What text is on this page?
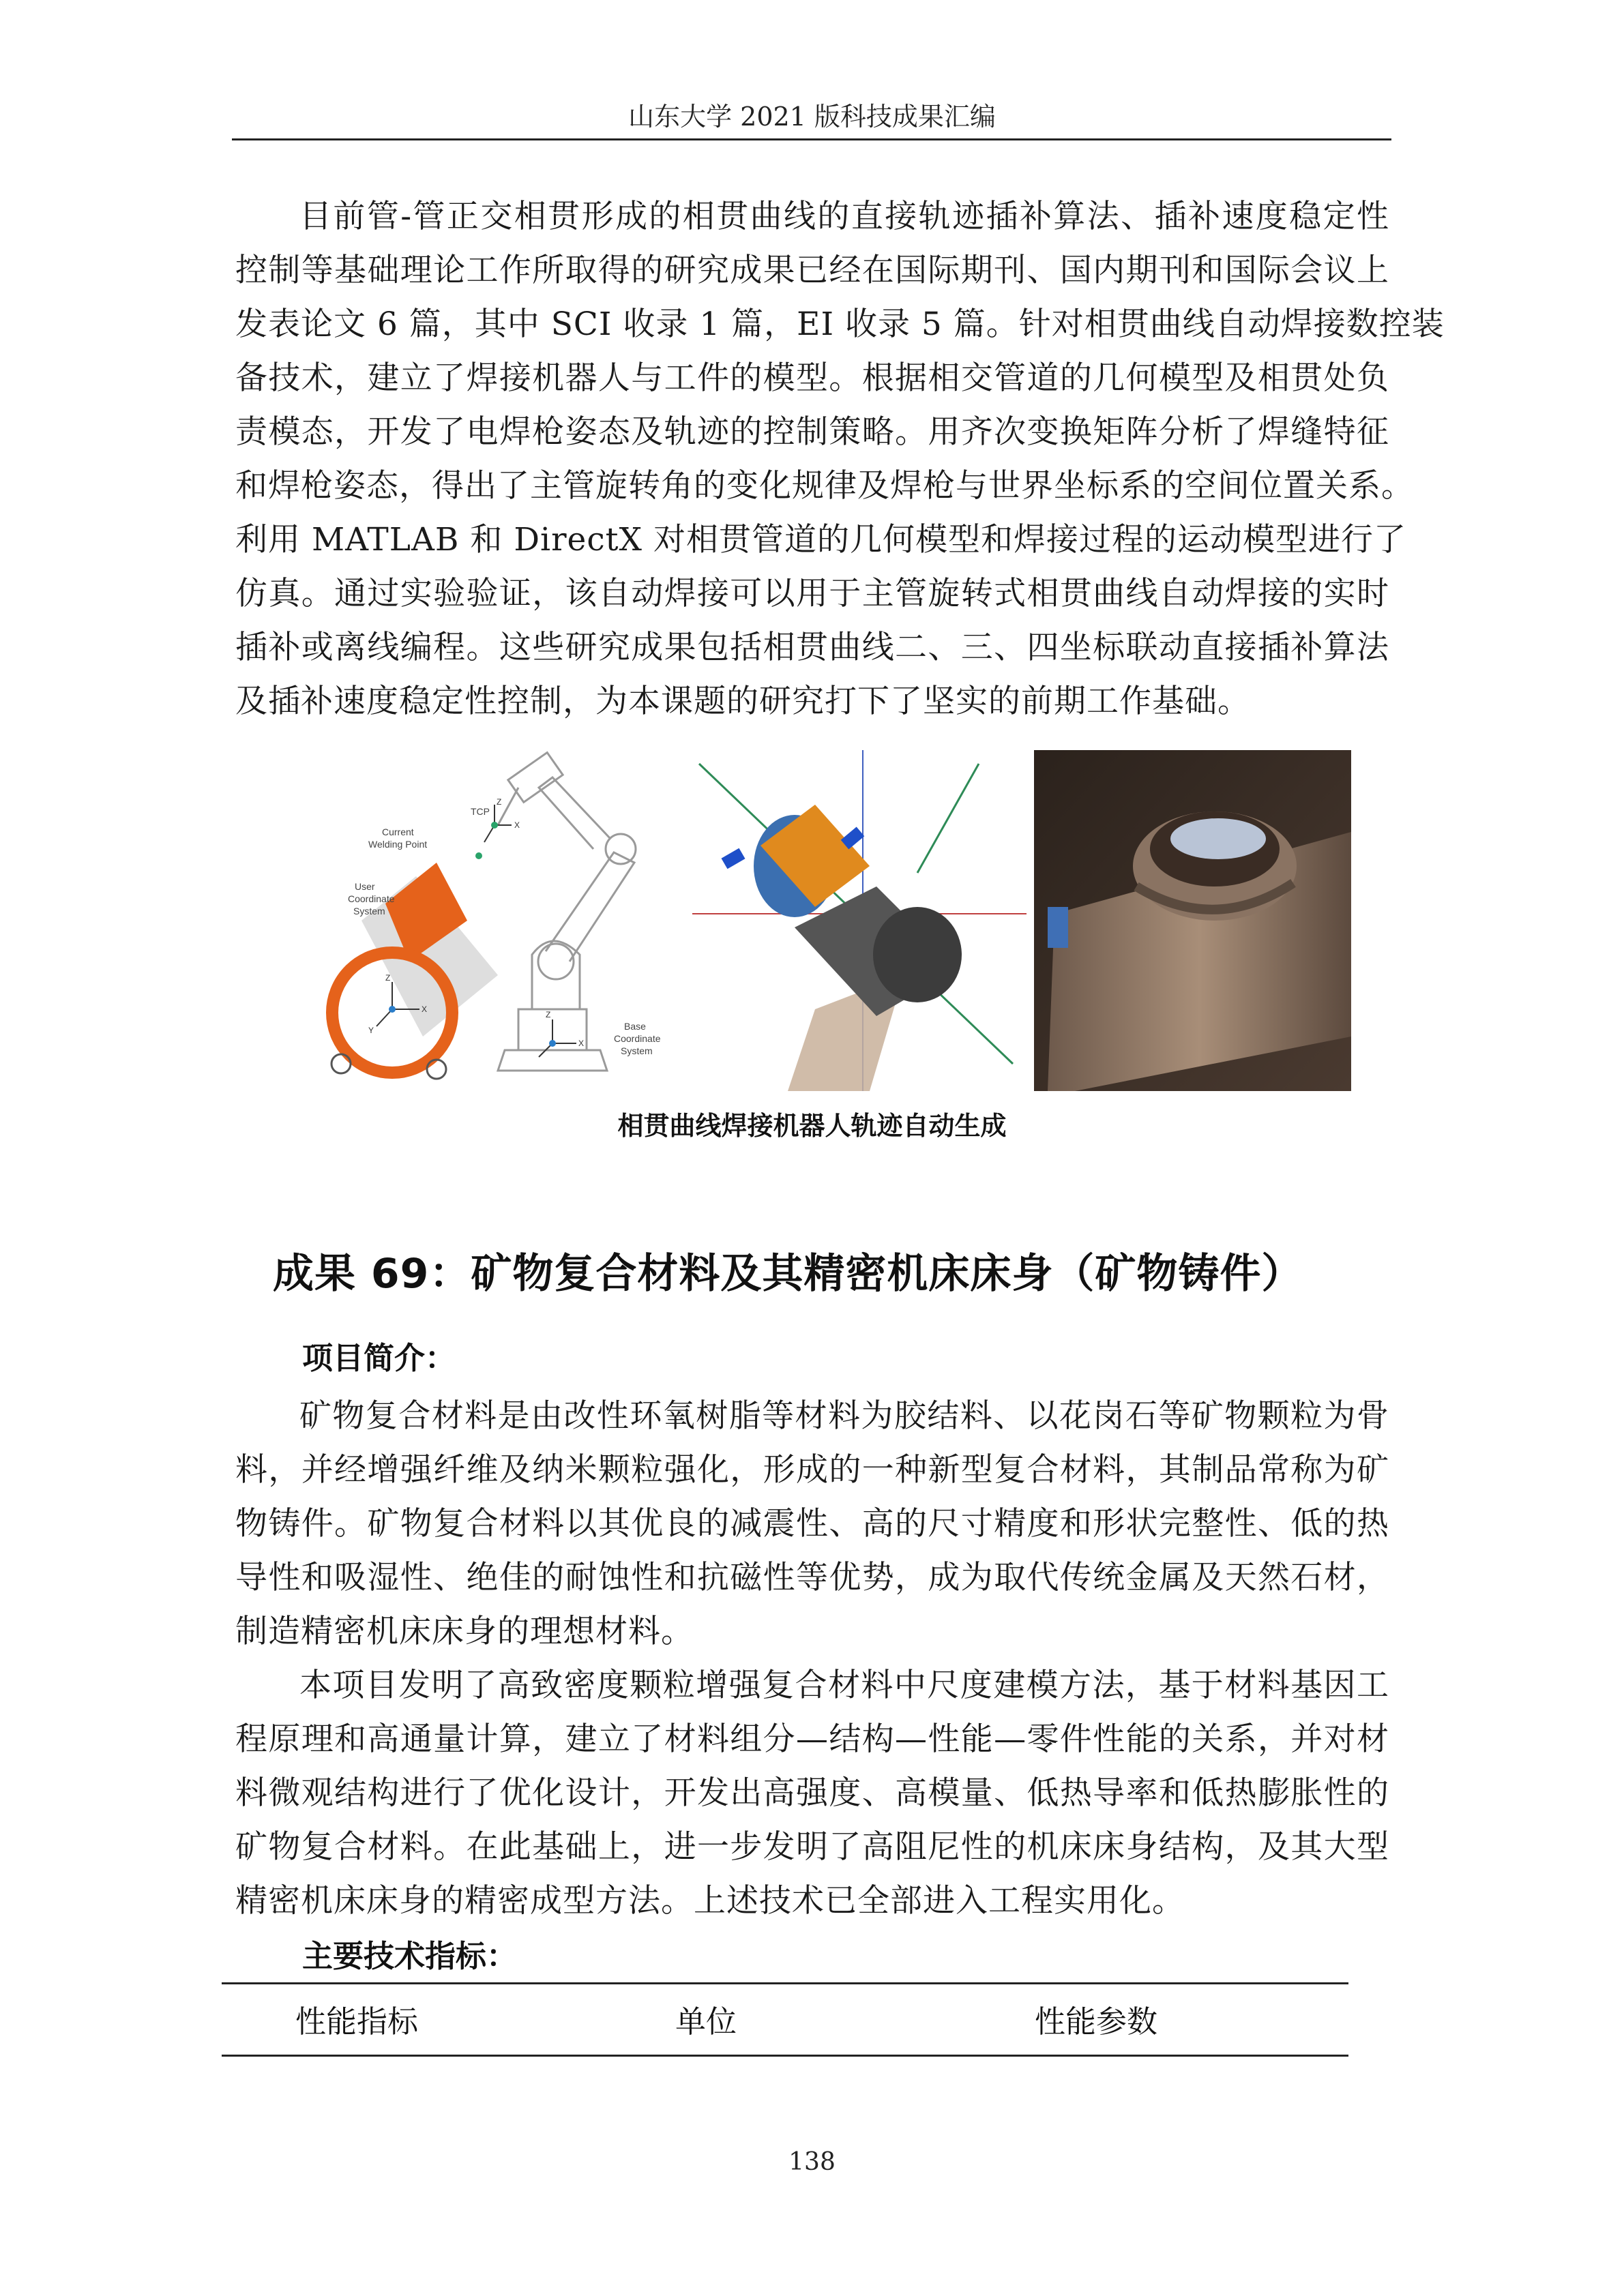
山东大学 2021 版科技成果汇编
目前管-管正交相贯形成的相贯曲线的直接轨迹插补算法、插补速度稳定性
控制等基础理论工作所取得的研究成果已经在国际期刊、国内期刊和国际会议上
发表论文 6 篇，其中 SCI 收录 1 篇，EI 收录 5 篇。针对相贯曲线自动焊接数控装
备技术，建立了焊接机器人与工件的模型。根据相交管道的几何模型及相贯处负
责模态，开发了电焊枪姿态及轨迹的控制策略。用齐次变换矩阵分析了焊缝特征
和焊枪姿态，得出了主管旋转角的变化规律及焊枪与世界坐标系的空间位置关系。
利用 MATLAB 和 DirectX 对相贯管道的几何模型和焊接过程的运动模型进行了
仿真。通过实验验证，该自动焊接可以用于主管旋转式相贯曲线自动焊接的实时
插补或离线编程。这些研究成果包括相贯曲线二、三、四坐标联动直接插补算法
及插补速度稳定性控制，为本课题的研究打下了坚实的前期工作基础。
TCP
Current
Welding Point
User
Coordinate
System
Base
Coordinate
System
X
Z
X
Z
Y
X
Z
相贯曲线焊接机器人轨迹自动生成
成果 69：矿物复合材料及其精密机床床身（矿物铸件）
项目简介：
矿物复合材料是由改性环氧树脂等材料为胶结料、以花岗石等矿物颗粒为骨
料，并经增强纤维及纳米颗粒强化，形成的一种新型复合材料，其制品常称为矿
物铸件。矿物复合材料以其优良的减震性、高的尺寸精度和形状完整性、低的热
导性和吸湿性、绝佳的耐蚀性和抗磁性等优势，成为取代传统金属及天然石材，
制造精密机床床身的理想材料。
本项目发明了高致密度颗粒增强复合材料中尺度建模方法，基于材料基因工
程原理和高通量计算，建立了材料组分—结构—性能—零件性能的关系，并对材
料微观结构进行了优化设计，开发出高强度、高模量、低热导率和低热膨胀性的
矿物复合材料。在此基础上，进一步发明了高阻尼性的机床床身结构，及其大型
精密机床床身的精密成型方法。上述技术已全部进入工程实用化。
主要技术指标：
性能指标	单位	性能参数
138
